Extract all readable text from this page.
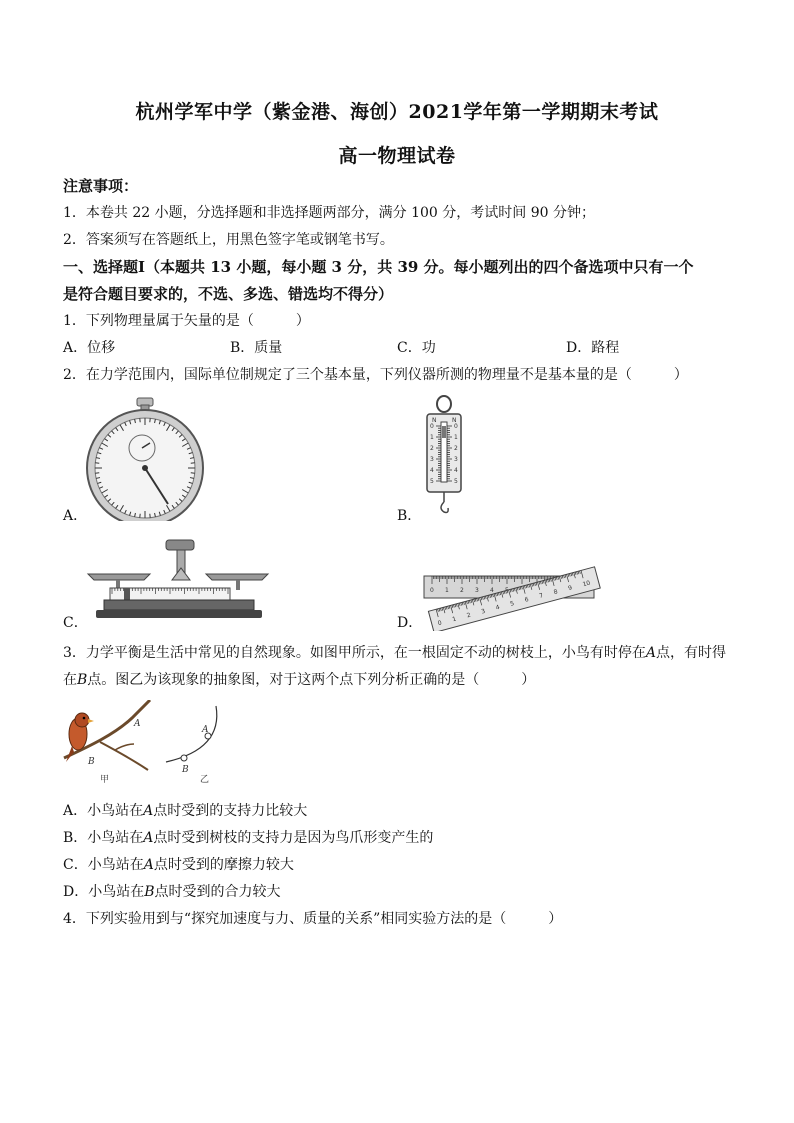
杭州学军中学（紫金港、海创）2021学年第一学期期末考试
高一物理试卷
注意事项：
1．本卷共 22 小题，分选择题和非选择题两部分，满分 100 分，考试时间 90 分钟；
2．答案须写在答题纸上，用黑色签字笔或钢笔书写。
一、选择题Ⅰ（本题共 13 小题，每小题 3 分，共 39 分。每小题列出的四个备选项中只有一个
是符合题目要求的，不选、多选、错选均不得分）
1．下列物理量属于矢量的是（　　　）
A．位移	B．质量	C．功	D．路程
2．在力学范围内，国际单位制规定了三个基本量，下列仪器所测的物理量不是基本量的是（　　　）
A．
N	N
0	0
1	1
2	2
3	3
4	4
5	5
B．
C．
0 1 2 3 4
0
1
2
3
4
5
6
7
8
9
10
D．
3．力学平衡是生活中常见的自然现象。如图甲所示，在一根固定不动的树枝上，小鸟有时停在A点，有时得
在B点。图乙为该现象的抽象图，对于这两个点下列分析正确的是（　　　）
A
B
甲
A
B
乙
A．小鸟站在A点时受到的支持力比较大
B．小鸟站在A点时受到树枝的支持力是因为鸟爪形变产生的
C．小鸟站在A点时受到的摩擦力较大
D．小鸟站在B点时受到的合力较大
4．下列实验用到与“探究加速度与力、质量的关系”相同实验方法的是（　　　）
